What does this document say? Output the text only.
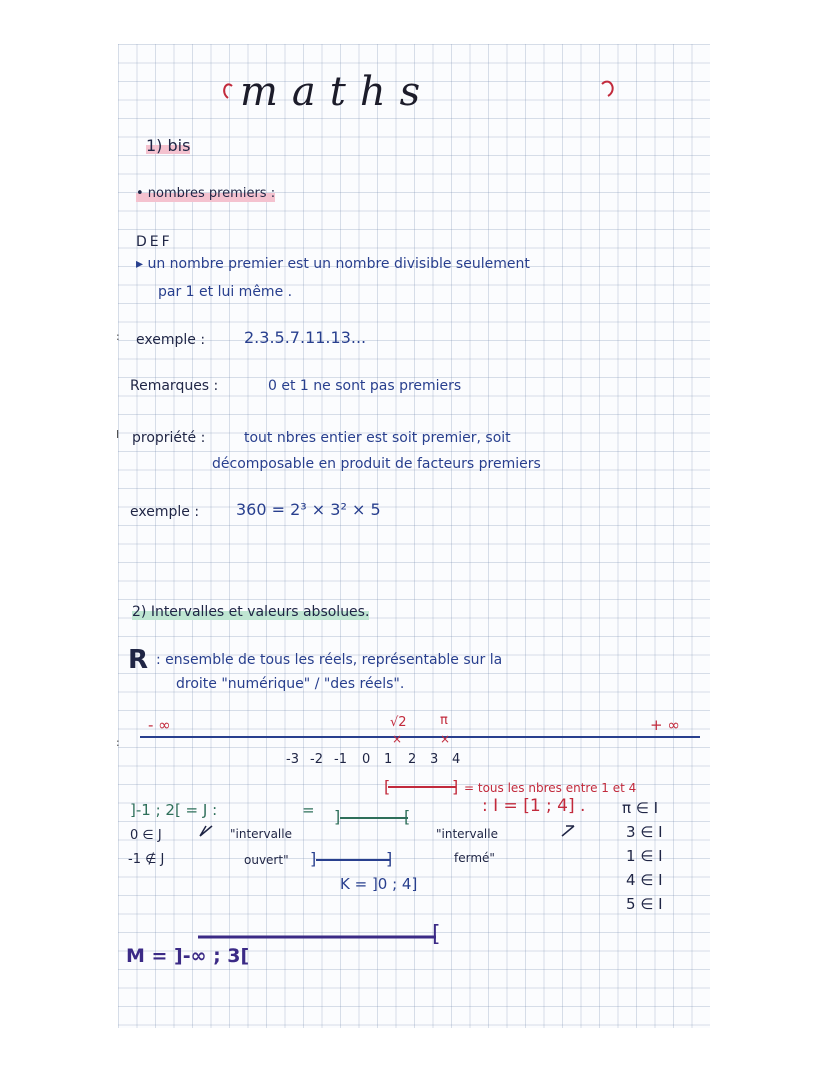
maths
1) bis
• nombres premiers :
DEF
▸ un nombre premier est un nombre divisible seulement
par 1 et lui même .
exemple : 2.3.5.7.11.13...
Remarques :	0 et 1 ne sont pas premiers
propriété :	tout nbres entier est soit premier, soit
décomposable en produit de facteurs premiers
exemple : 360 = 2³ × 3² × 5
2) Intervalles et valeurs absolues.
R : ensemble de tous les réels, représentable sur la
droite "numérique" / "des réels".
- ∞	+ ∞
√2	π
×	×
-3 -2 -1 0 1 2 3 4
[	] = tous les nbres entre 1 et 4
: I = [1 ; 4] .
]-1 ; 2[ = J :	= ]	[
0 ∈ J
-1 ∉ J
"intervalle
ouvert"
"intervalle
fermé"
]	]
K = ]0 ; 4]
π ∈ I
3 ∈ I
1 ∈ I
4 ∈ I
5 ∈ I
[
M = ]-∞ ; 3[
:
I
:
